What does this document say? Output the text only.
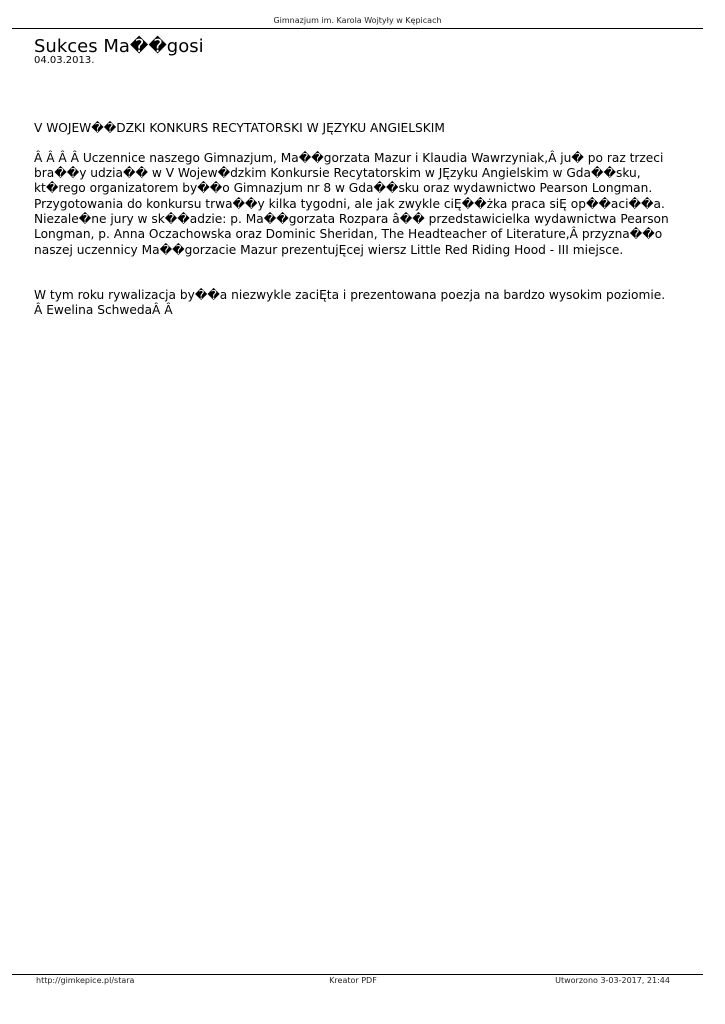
Gimnazjum im. Karola Wojtyły w Kępicach
Sukces Ma��gosi
04.03.2013.

V WOJEW��DZKI KONKURS RECYTATORSKI W JĘZYKU ANGIELSKIM

Â Â Â Â Uczennice naszego Gimnazjum, Ma��gorzata Mazur i Klaudia Wawrzyniak,Â ju� po raz trzeci
bra��y udzia�� w V Wojew�dzkim Konkursie Recytatorskim w JĘzyku Angielskim w Gda��sku,
kt�rego organizatorem by��o Gimnazjum nr 8 w Gda��sku oraz wydawnictwo Pearson Longman.
Przygotowania do konkursu trwa��y kilka tygodni, ale jak zwykle ciĘ��żka praca siĘ op��aci��a.
Niezale�ne jury w sk��adzie: p. Ma��gorzata Rozpara â�� przedstawicielka wydawnictwa Pearson
Longman, p. Anna Oczachowska oraz Dominic Sheridan, The Headteacher of Literature,Â przyzna��o
naszej uczennicy Ma��gorzacie Mazur prezentujĘcej wiersz Little Red Riding Hood - III miejsce.

W tym roku rywalizacja by��a niezwykle zaciĘta i prezentowana poezja na bardzo wysokim poziomie.
Â Ewelina SchwedaÂ Â

Kreator PDF
http://gimkepice.pl/stara	Utworzono 3-03-2017, 21:44
